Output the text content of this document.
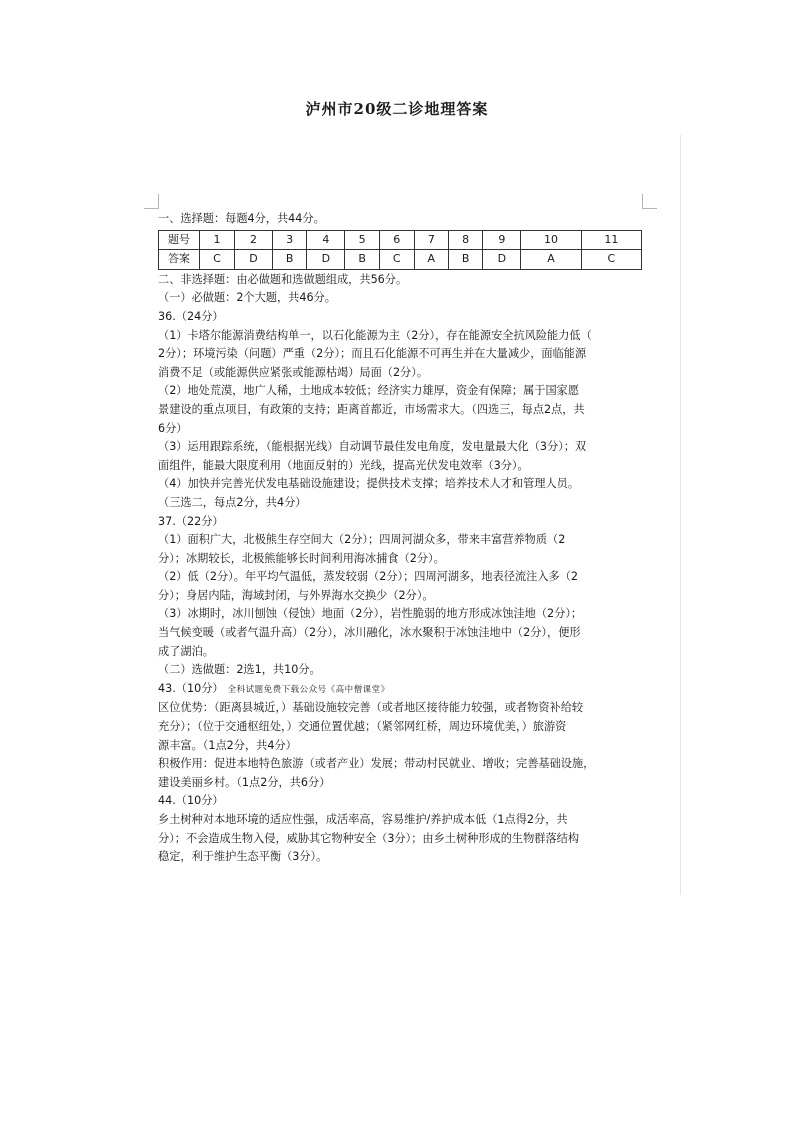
泸州市20级二诊地理答案
一、选择题：每题4分，共44分。
题号	1	2	3	4	5	6	7	8	9	10	11
答案	C	D	B	D	B	C	A	B	D	A	C
二、非选择题：由必做题和选做题组成，共56分。
（一）必做题：2个大题，共46分。
36.（24分）
（1）卡塔尔能源消费结构单一，以石化能源为主（2分），存在能源安全抗风险能力低（
2分）；环境污染（问题）严重（2分）；而且石化能源不可再生并在大量减少，面临能源
消费不足（或能源供应紧张或能源枯竭）局面（2分）。
（2）地处荒漠，地广人稀，土地成本较低；经济实力雄厚，资金有保障；属于国家愿
景建设的重点项目，有政策的支持；距离首都近，市场需求大。（四选三，每点2点，共
6分）
（3）运用跟踪系统，（能根据光线）自动调节最佳发电角度，发电量最大化（3分）；双
面组件，能最大限度利用（地面反射的）光线，提高光伏发电效率（3分）。
（4）加快并完善光伏发电基础设施建设；提供技术支撑；培养技术人才和管理人员。
（三选二，每点2分，共4分）
37.（22分）
（1）面积广大，北极熊生存空间大（2分）；四周河湖众多，带来丰富营养物质（2
分）；冰期较长，北极熊能够长时间利用海冰捕食（2分）。
（2）低（2分）。年平均气温低，蒸发较弱（2分）；四周河湖多，地表径流注入多（2
分）；身居内陆，海域封闭，与外界海水交换少（2分）。
（3）冰期时，冰川刨蚀（侵蚀）地面（2分），岩性脆弱的地方形成冰蚀洼地（2分）；
当气候变暖（或者气温升高）（2分），冰川融化，冰水聚积于冰蚀洼地中（2分），便形
成了湖泊。
（二）选做题：2选1，共10分。
43.（10分） 全科试题免费下载公众号《高中僧课堂》
区位优势：（距离县城近，）基础设施较完善（或者地区接待能力较强，或者物资补给较
充分）；（位于交通枢纽处，）交通位置优越；（紧邻网红桥，周边环境优美，）旅游资
源丰富。（1点2分，共4分）
积极作用：促进本地特色旅游（或者产业）发展；带动村民就业、增收；完善基础设施，
建设美丽乡村。（1点2分，共6分）
44.（10分）
乡土树种对本地环境的适应性强，成活率高，容易维护/养护成本低（1点得2分，共
分）；不会造成生物入侵，威胁其它物种安全（3分）；由乡土树种形成的生物群落结构
稳定，利于维护生态平衡（3分）。
